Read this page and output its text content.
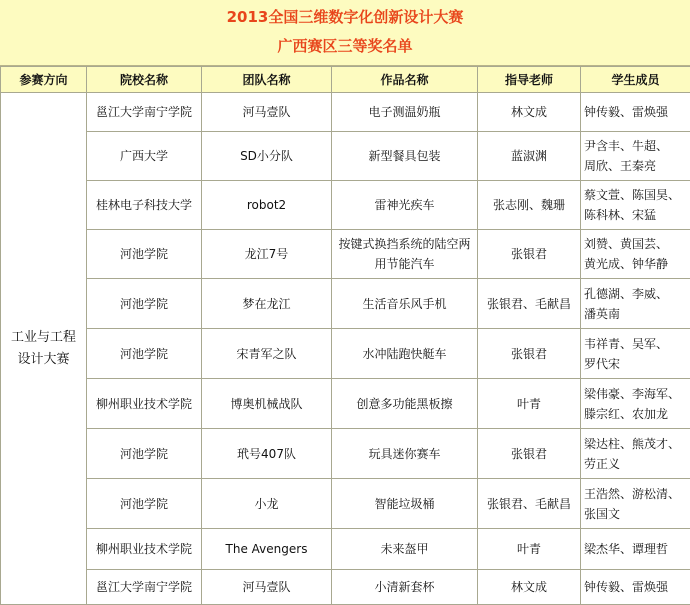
2013全国三维数字化创新设计大赛
广西赛区三等奖名单
参赛方向	院校名称	团队名称	作品名称	指导老师	学生成员
工业与工程
设计大赛	邕江大学南宁学院	河马壹队	电子测温奶瓶	林文成	钟传毅、雷焕强
	广西大学	SD小分队	新型餐具包装	蓝淑渊	尹含丰、牛超、
周欣、王秦亮
	桂林电子科技大学	robot2	雷神光疾车	张志刚、魏珊	蔡文萱、陈国昊、
陈科林、宋猛
	河池学院	龙江7号	按键式换挡系统的陆空两
用节能汽车	张银君	刘赞、黄国芸、
黄光成、钟华静
	河池学院	梦在龙江	生活音乐风手机	张银君、毛献昌	孔德湖、李威、
潘英南
	河池学院	宋青军之队	水冲陆跑快艇车	张银君	韦祥青、吴军、
罗代宋
	柳州职业技术学院	博奥机械战队	创意多功能黑板擦	叶青	梁伟豪、李海军、
滕宗红、农加龙
	河池学院	玳号407队	玩具迷你赛车	张银君	梁达柱、熊茂才、
劳正义
	河池学院	小龙	智能垃圾桶	张银君、毛献昌	王浩然、游松清、
张国文
	柳州职业技术学院	The Avengers	未来盔甲	叶青	梁杰华、谭理哲
	邕江大学南宁学院	河马壹队	小清新套杯	林文成	钟传毅、雷焕强
